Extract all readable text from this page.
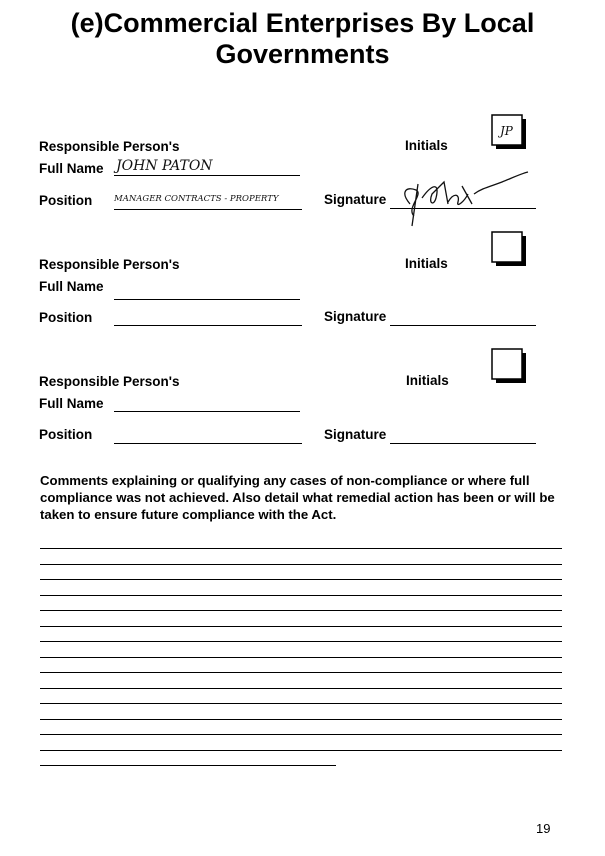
(e)Commercial Enterprises By Local
Governments
Responsible Person's
Full Name JOHN PATON
Position	MANAGER CONTRACTS - PROPERTY
Initials
JP
Signature
Responsible Person's
Full Name
Position
Initials
Signature
Responsible Person's
Full Name
Position
Initials
Signature
Comments explaining or qualifying any cases of non-compliance or where full compliance was not achieved. Also detail what remedial action has been or will be taken to ensure future compliance with the Act.
19
